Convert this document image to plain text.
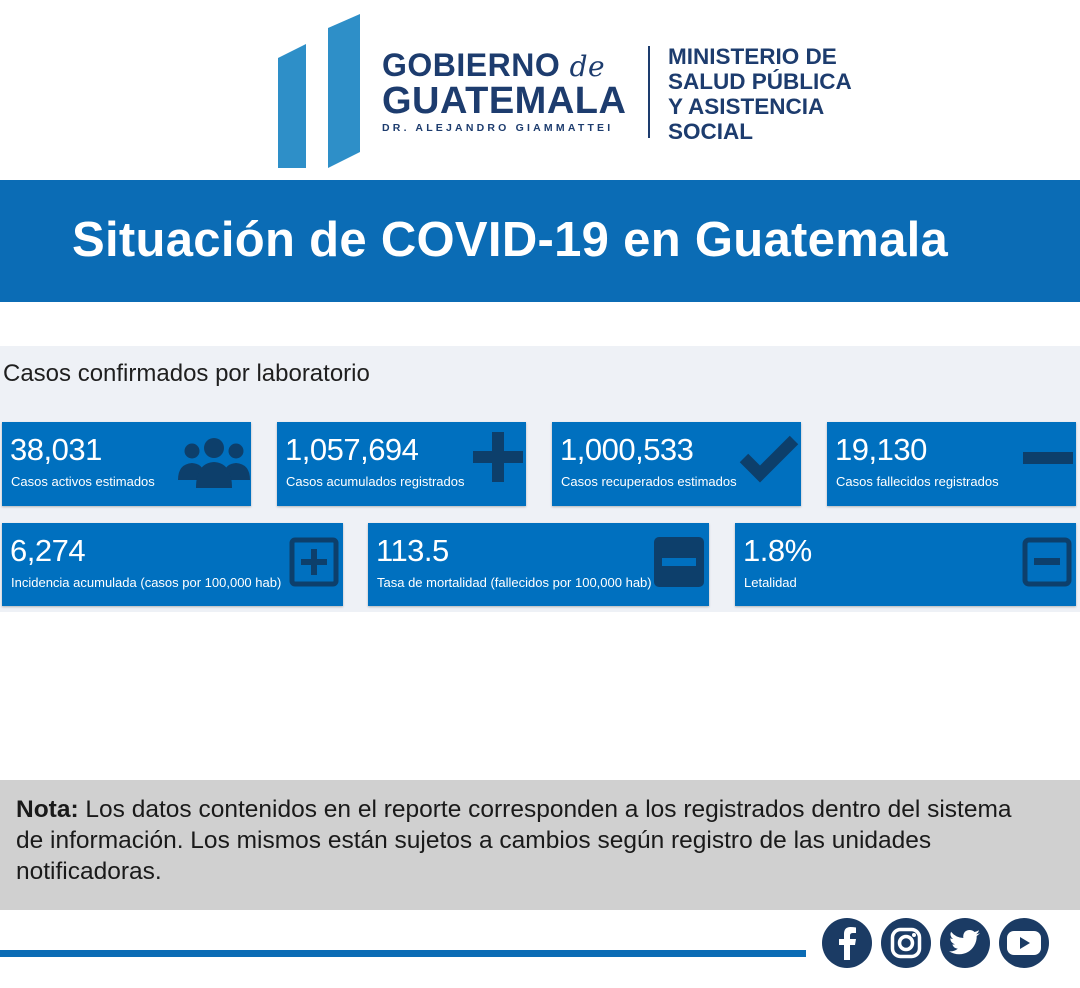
GOBIERNO de
GUATEMALA
DR. ALEJANDRO GIAMMATTEI
MINISTERIO DE
SALUD PÚBLICA
Y ASISTENCIA
SOCIAL
Situación de COVID-19 en Guatemala
Casos confirmados por laboratorio
38,031
Casos activos estimados
1,057,694
Casos acumulados registrados
1,000,533
Casos recuperados estimados
19,130
Casos fallecidos registrados
6,274
Incidencia acumulada (casos por 100,000 hab)
113.5
Tasa de mortalidad (fallecidos por 100,000 hab)
1.8%
Letalidad
Nota: Los datos contenidos en el reporte corresponden a los registrados dentro del sistema de información. Los mismos están sujetos a cambios según registro de las unidades notificadoras.
